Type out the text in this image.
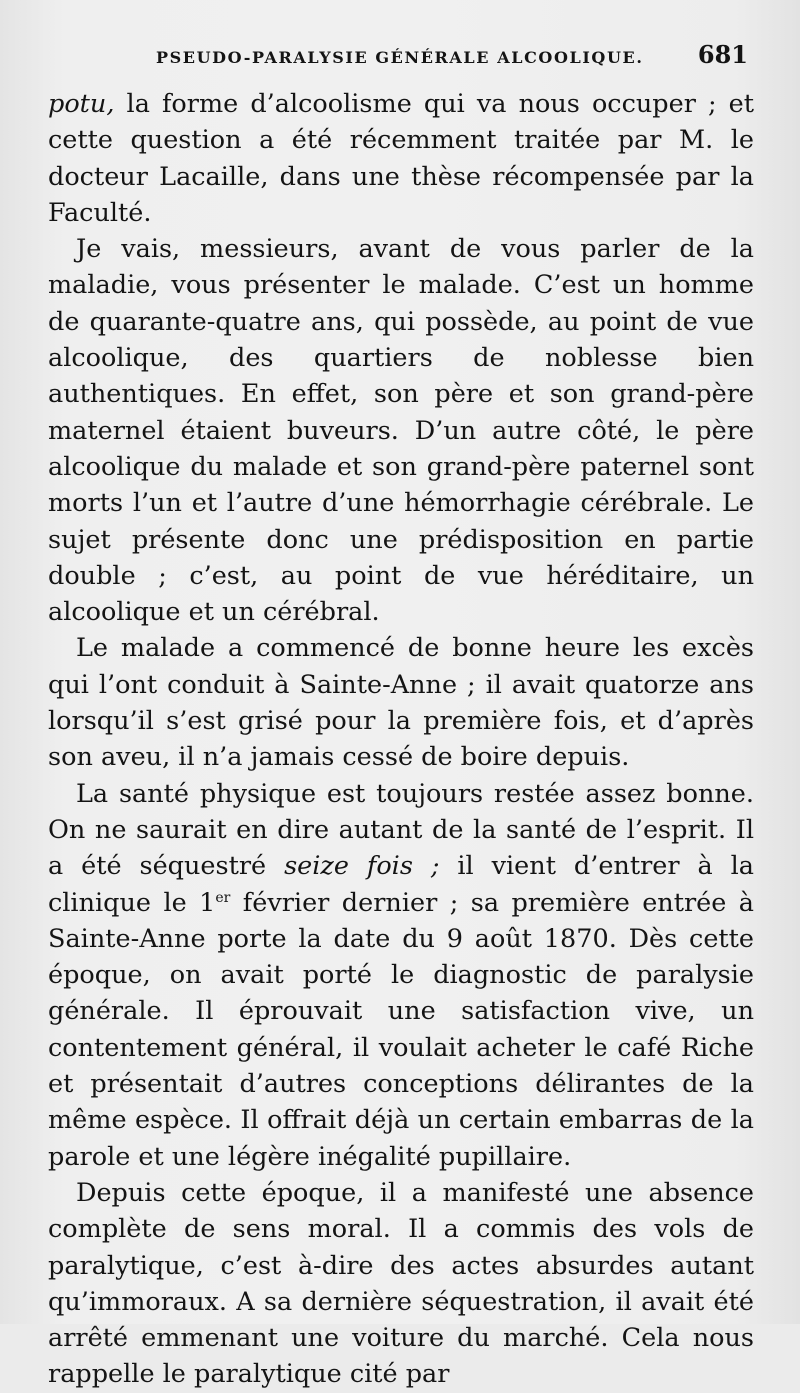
PSEUDO-PARALYSIE GÉNÉRALE ALCOOLIQUE. 681

potu, la forme d’alcoolisme qui va nous occuper ; et cette question a été récemment traitée par M. le docteur Lacaille, dans une thèse récompensée par la Faculté.

Je vais, messieurs, avant de vous parler de la maladie, vous présenter le malade. C’est un homme de quarante-quatre ans, qui possède, au point de vue alcoolique, des quartiers de noblesse bien authentiques. En effet, son père et son grand-père maternel étaient buveurs. D’un autre côté, le père alcoolique du malade et son grand-père paternel sont morts l’un et l’autre d’une hémorrhagie cérébrale. Le sujet présente donc une prédisposition en partie double ; c’est, au point de vue héréditaire, un alcoolique et un cérébral.

Le malade a commencé de bonne heure les excès qui l’ont conduit à Sainte-Anne ; il avait quatorze ans lorsqu’il s’est grisé pour la première fois, et d’après son aveu, il n’a jamais cessé de boire depuis.

La santé physique est toujours restée assez bonne. On ne saurait en dire autant de la santé de l’esprit. Il a été séquestré seize fois ; il vient d’entrer à la clinique le 1er février dernier ; sa première entrée à Sainte-Anne porte la date du 9 août 1870. Dès cette époque, on avait porté le diagnostic de paralysie générale. Il éprouvait une satisfaction vive, un contentement général, il voulait acheter le café Riche et présentait d’autres conceptions délirantes de la même espèce. Il offrait déjà un certain embarras de la parole et une légère inégalité pupillaire.

Depuis cette époque, il a manifesté une absence complète de sens moral. Il a commis des vols de paralytique, c’est à-dire des actes absurdes autant qu’immoraux. A sa dernière séquestration, il avait été arrêté emmenant une voiture du marché. Cela nous rappelle le paralytique cité par
